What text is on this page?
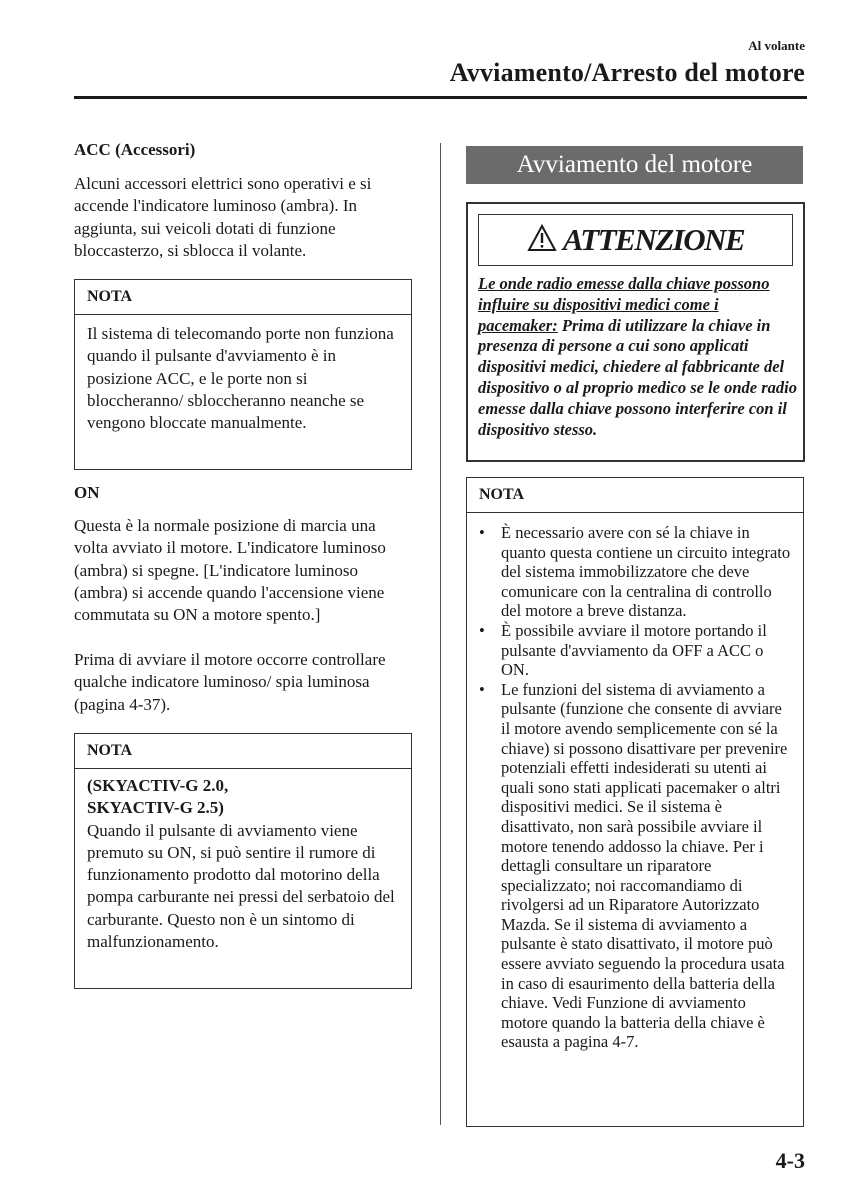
Al volante
Avviamento/Arresto del motore
ACC (Accessori)

Alcuni accessori elettrici sono operativi e si accende l'indicatore luminoso (ambra). In aggiunta, sui veicoli dotati di funzione bloccasterzo, si sblocca il volante.

NOTA
Il sistema di telecomando porte non funziona quando il pulsante d'avviamento è in posizione ACC, e le porte non si bloccheranno/ sbloccheranno neanche se vengono bloccate manualmente.
ON

Questa è la normale posizione di marcia una volta avviato il motore. L'indicatore luminoso (ambra) si spegne. [L'indicatore luminoso (ambra) si accende quando l'accensione viene commutata su ON a motore spento.]

Prima di avviare il motore occorre controllare qualche indicatore luminoso/ spia luminosa (pagina 4-37).

NOTA
(SKYACTIV-G 2.0,
SKYACTIV-G 2.5)
Quando il pulsante di avviamento viene premuto su ON, si può sentire il rumore di funzionamento prodotto dal motorino della pompa carburante nei pressi del serbatoio del carburante. Questo non è un sintomo di malfunzionamento.
Avviamento del motore
ATTENZIONE
Le onde radio emesse dalla chiave possono influire su dispositivi medici come i pacemaker: Prima di utilizzare la chiave in presenza di persone a cui sono applicati dispositivi medici, chiedere al fabbricante del dispositivo o al proprio medico se le onde radio emesse dalla chiave possono interferire con il dispositivo stesso.
NOTA
• È necessario avere con sé la chiave in quanto questa contiene un circuito integrato del sistema immobilizzatore che deve comunicare con la centralina di controllo del motore a breve distanza.
• È possibile avviare il motore portando il pulsante d'avviamento da OFF a ACC o ON.
• Le funzioni del sistema di avviamento a pulsante (funzione che consente di avviare il motore avendo semplicemente con sé la chiave) si possono disattivare per prevenire potenziali effetti indesiderati su utenti ai quali sono stati applicati pacemaker o altri dispositivi medici. Se il sistema è disattivato, non sarà possibile avviare il motore tenendo addosso la chiave. Per i dettagli consultare un riparatore specializzato; noi raccomandiamo di rivolgersi ad un Riparatore Autorizzato Mazda. Se il sistema di avviamento a pulsante è stato disattivato, il motore può essere avviato seguendo la procedura usata in caso di esaurimento della batteria della chiave. Vedi Funzione di avviamento motore quando la batteria della chiave è esausta a pagina 4-7.
4-3
